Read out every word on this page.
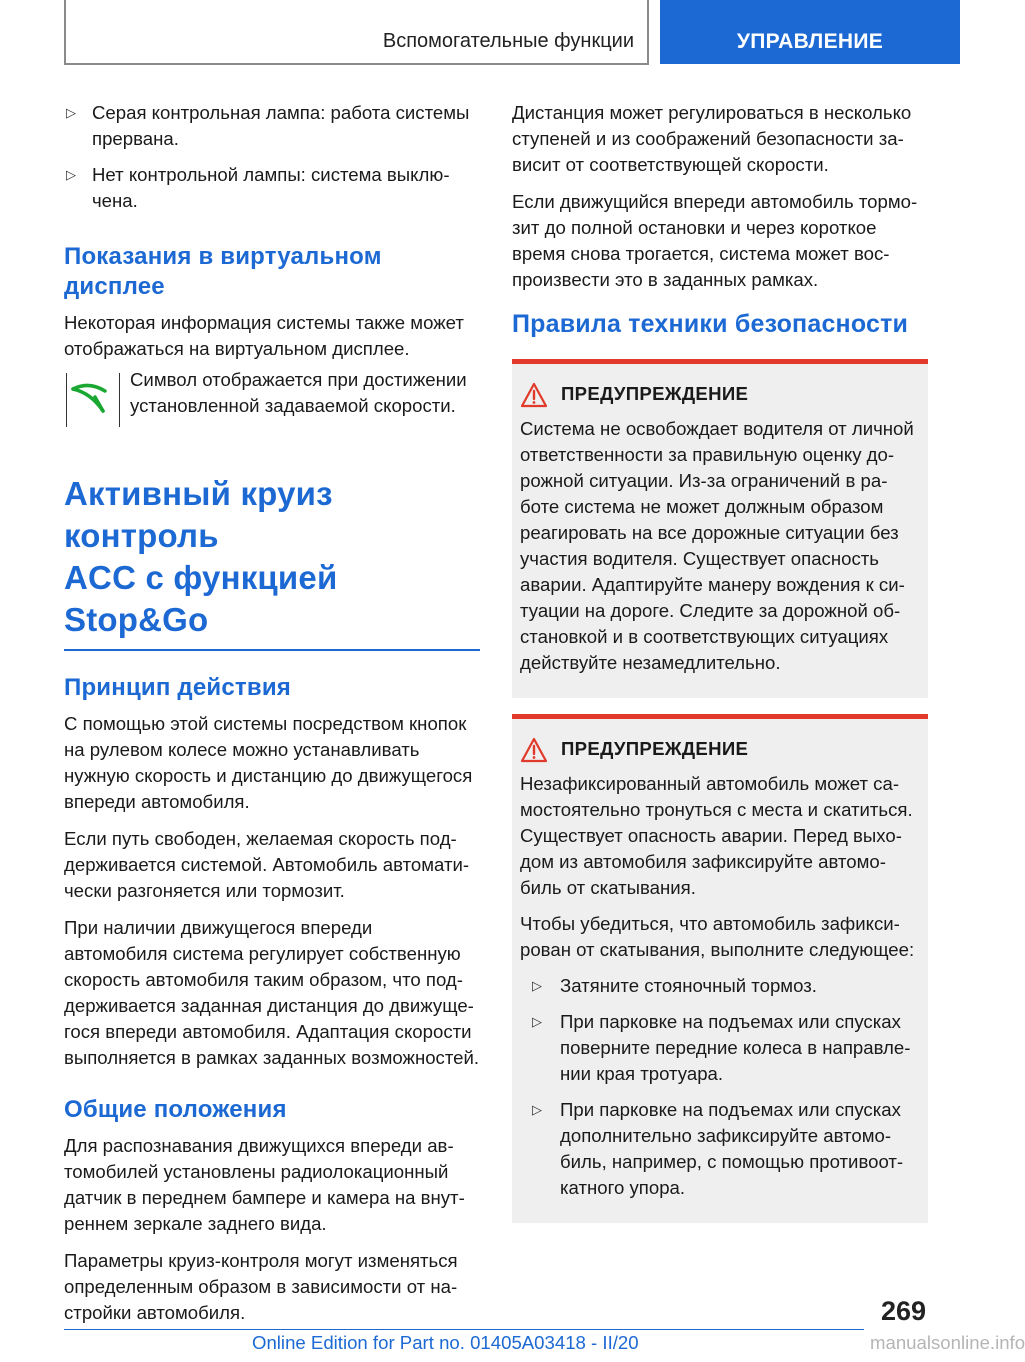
Вспомогательные функции	УПРАВЛЕНИЕ
▷ Серая контрольная лампа: работа системы прервана.
▷ Нет контрольной лампы: система выключена.
Показания в виртуальном дисплее

Некоторая информация системы также может отображаться на виртуальном дисплее.

Символ отображается при достижении установленной задаваемой скорости.
Активный круиз контроль
ACC с функцией Stop&Go
Принцип действия

С помощью этой системы посредством кнопок на рулевом колесе можно устанавливать нужную скорость и дистанцию до движущегося впереди автомобиля.

Если путь свободен, желаемая скорость поддерживается системой. Автомобиль автоматически разгоняется или тормозит.

При наличии движущегося впереди автомобиля система регулирует собственную скорость автомобиля таким образом, что поддерживается заданная дистанция до движущегося впереди автомобиля. Адаптация скорости выполняется в рамках заданных возможностей.

Общие положения

Для распознавания движущихся впереди автомобилей установлены радиолокационный датчик в переднем бампере и камера на внутреннем зеркале заднего вида.

Параметры круиз-контроля могут изменяться определенным образом в зависимости от настройки автомобиля.

Дистанция может регулироваться в несколько ступеней и из соображений безопасности зависит от соответствующей скорости.

Если движущийся впереди автомобиль тормозит до полной остановки и через короткое время снова трогается, система может воспроизвести это в заданных рамках.

Правила техники безопасности
ПРЕДУПРЕЖДЕНИЕ

Система не освобождает водителя от личной ответственности за правильную оценку дорожной ситуации. Из-за ограничений в работе система не может должным образом реагировать на все дорожные ситуации без участия водителя. Существует опасность аварии. Адаптируйте манеру вождения к ситуации на дороге. Следите за дорожной обстановкой и в соответствующих ситуациях действуйте незамедлительно.

ПРЕДУПРЕЖДЕНИЕ

Незафиксированный автомобиль может самостоятельно тронуться с места и скатиться. Существует опасность аварии. Перед выходом из автомобиля зафиксируйте автомобиль от скатывания.

Чтобы убедиться, что автомобиль зафиксирован от скатывания, выполните следующее:

▷ Затяните стояночный тормоз.
▷ При парковке на подъемах или спусках поверните передние колеса в направлении края тротуара.
▷ При парковке на подъемах или спусках дополнительно зафиксируйте автомобиль, например, с помощью противооткатного упора.
269
Online Edition for Part no. 01405A03418 - II/20	manualsonline.info
